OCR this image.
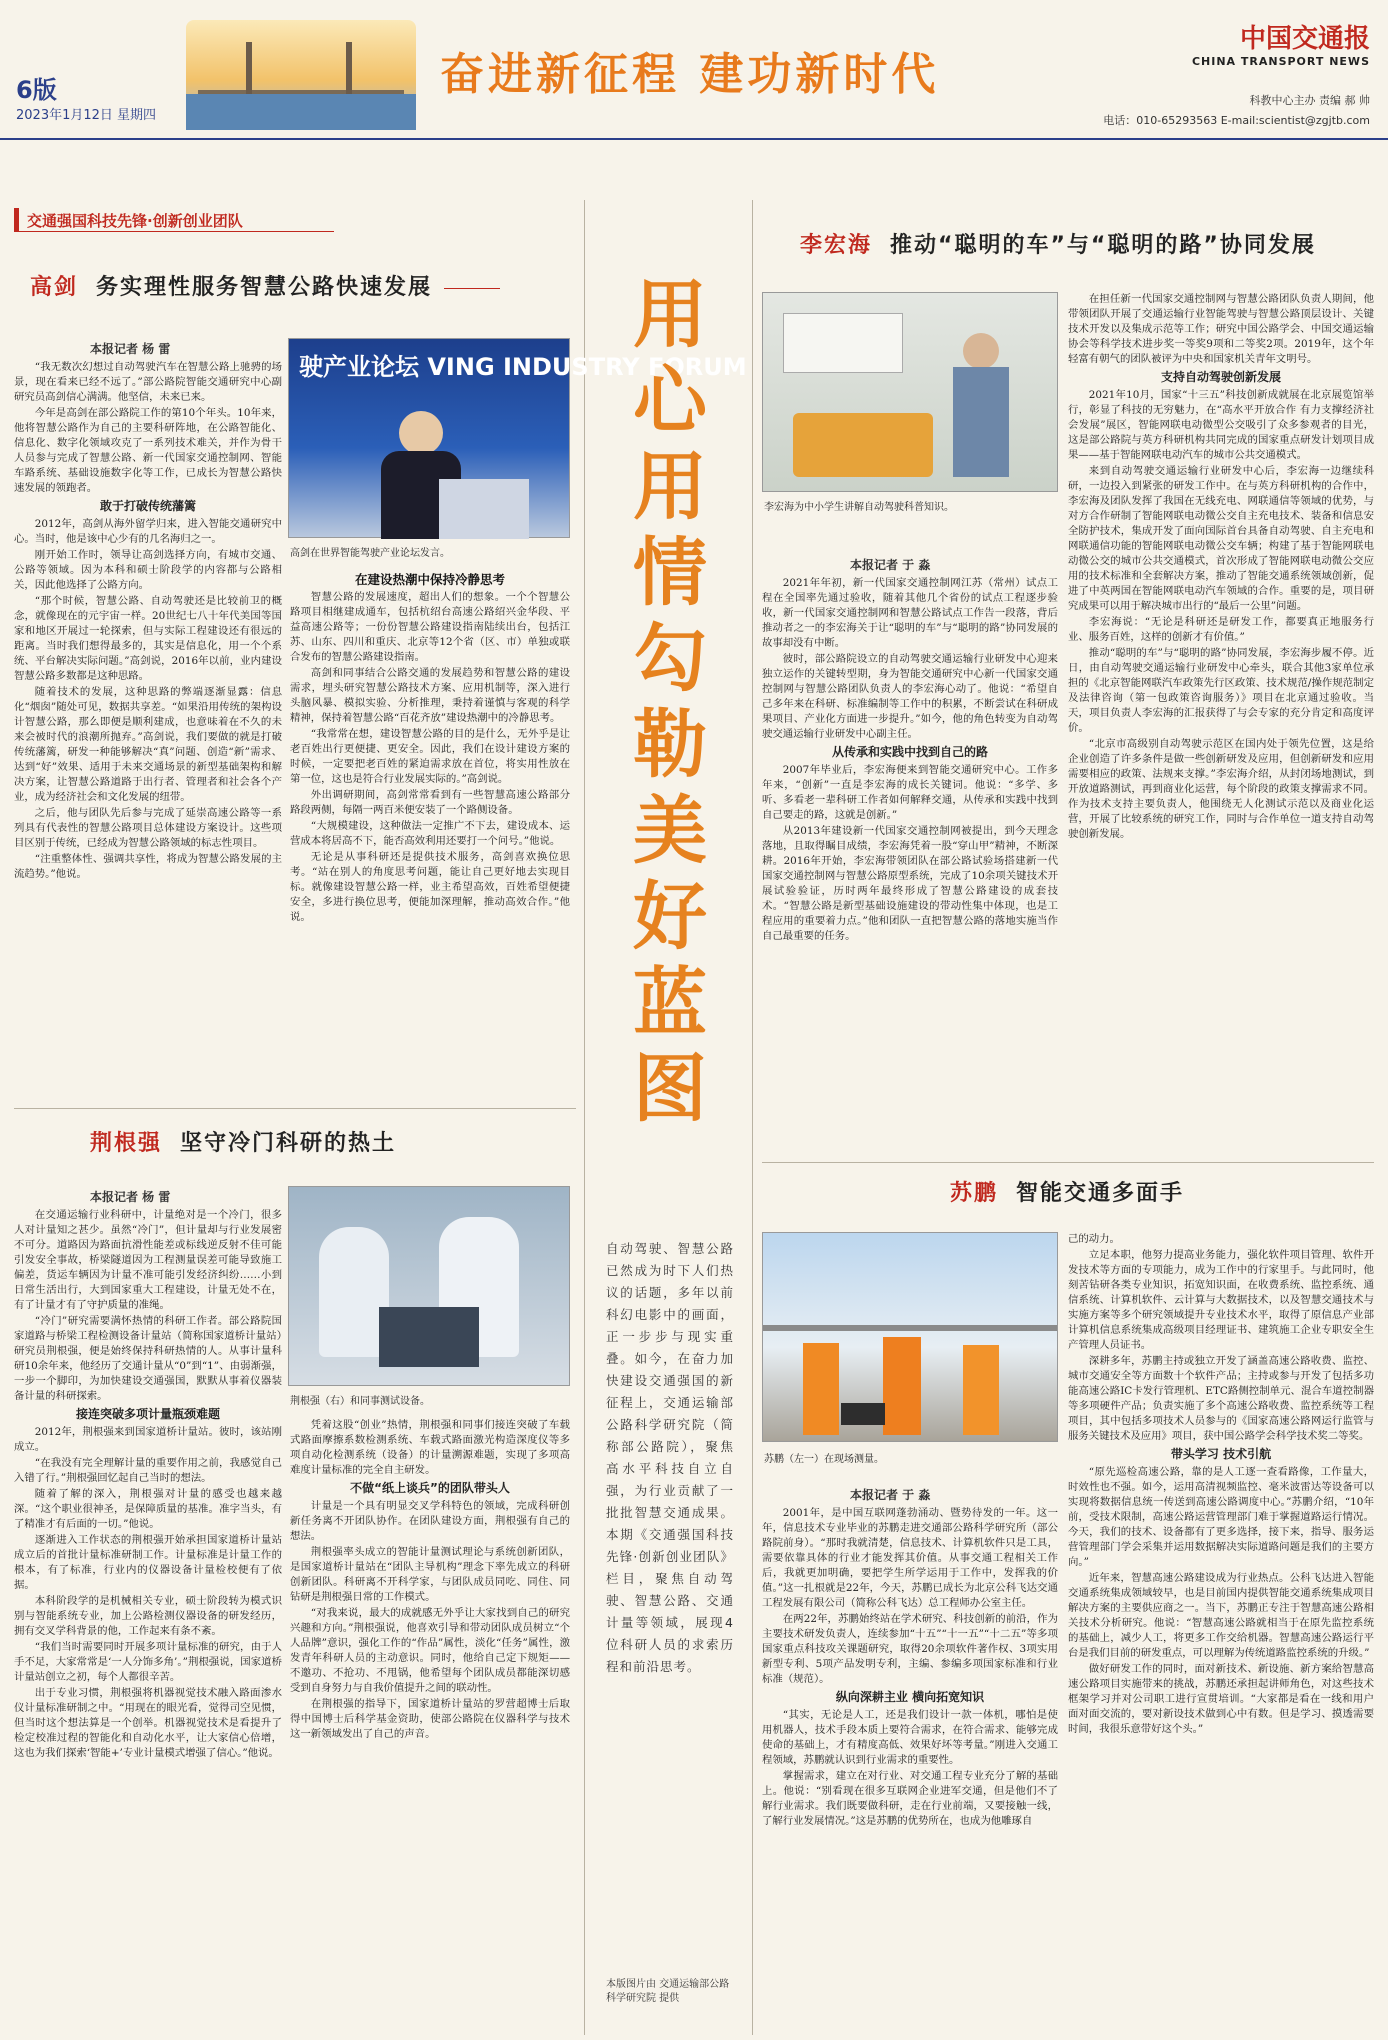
6版
2023年1月12日 星期四
奋进新征程 建功新时代
中国交通报
CHINA TRANSPORT NEWS
科教中心主办 责编 郝 帅
电话：010-65293563 E-mail:scientist@zgjtb.com
交通强国科技先锋·创新创业团队
高剑 务实理性服务智慧公路快速发展
本报记者 杨 雷

“我无数次幻想过自动驾驶汽车在智慧公路上驰骋的场景，现在看来已经不远了。”部公路院智能交通研究中心副研究员高剑信心满满。他坚信，未来已来。

今年是高剑在部公路院工作的第10个年头。10年来，他将智慧公路作为自己的主要科研阵地，在公路智能化、信息化、数字化领域攻克了一系列技术难关，并作为骨干人员参与完成了智慧公路、新一代国家交通控制网、智能车路系统、基础设施数字化等工作，已成长为智慧公路快速发展的领跑者。

敢于打破传统藩篱

2012年，高剑从海外留学归来，进入智能交通研究中心。当时，他是该中心少有的几名海归之一。

刚开始工作时，领导让高剑选择方向，有城市交通、公路等领域。因为本科和硕士阶段学的内容都与公路相关，因此他选择了公路方向。

“那个时候，智慧公路、自动驾驶还是比较前卫的概念，就像现在的元宇宙一样。20世纪七八十年代美国等国家和地区开展过一轮探索，但与实际工程建设还有很远的距离。当时我们想得最多的，其实是信息化，用一个个系统、平台解决实际问题。”高剑说，2016年以前，业内建设智慧公路多数都是这种思路。

随着技术的发展，这种思路的弊端逐渐显露：信息化“烟囱”随处可见，数据共享差。“如果沿用传统的架构设计智慧公路，那么即便是顺利建成，也意味着在不久的未来会被时代的浪潮所抛弃。”高剑说，我们要做的就是打破传统藩篱，研发一种能够解决“真”问题、创造“新”需求、达到“好”效果、适用于未来交通场景的新型基础架构和解决方案，让智慧公路道路于出行者、管理者和社会各个产业，成为经济社会和文化发展的纽带。

之后，他与团队先后参与完成了延崇高速公路等一系列具有代表性的智慧公路项目总体建设方案设计。这些项目区别于传统，已经成为智慧公路领域的标志性项目。

“注重整体性、强调共享性，将成为智慧公路发展的主流趋势。”他说。

驶产业论坛 VING INDUSTRY FORUM
高剑在世界智能驾驶产业论坛发言。
在建设热潮中保持冷静思考

智慧公路的发展速度，超出人们的想象。一个个智慧公路项目相继建成通车，包括杭绍台高速公路绍兴金华段、平益高速公路等；一份份智慧公路建设指南陆续出台，包括江苏、山东、四川和重庆、北京等12个省（区、市）单独或联合发布的智慧公路建设指南。

高剑和同事结合公路交通的发展趋势和智慧公路的建设需求，埋头研究智慧公路技术方案、应用机制等，深入进行头脑风暴、模拟实验、分析推理，秉持着谨慎与客观的科学精神，保持着智慧公路“百花齐放”建设热潮中的冷静思考。

“我常常在想，建设智慧公路的目的是什么，无外乎是让老百姓出行更便捷、更安全。因此，我们在设计建设方案的时候，一定要把老百姓的紧迫需求放在首位，将实用性放在第一位，这也是符合行业发展实际的。”高剑说。

外出调研期间，高剑常常看到有一些智慧高速公路部分路段两侧，每隔一两百米便安装了一个路侧设备。

“大规模建设，这种做法一定推广不下去，建设成本、运营成本将居高不下，能否高效利用还要打一个问号。”他说。

无论是从事科研还是提供技术服务，高剑喜欢换位思考。“站在别人的角度思考问题，能让自己更好地去实现目标。就像建设智慧公路一样，业主希望高效，百姓希望便捷安全，多进行换位思考，便能加深理解，推动高效合作。”他说。

荆根强 坚守冷门科研的热土
本报记者 杨 雷

在交通运输行业科研中，计量绝对是一个冷门，很多人对计量知之甚少。虽然“冷门”，但计量却与行业发展密不可分。道路因为路面抗滑性能差或标线逆反射不佳可能引发安全事故，桥梁隧道因为工程测量误差可能导致施工偏差，货运车辆因为计量不准可能引发经济纠纷……小到日常生活出行，大到国家重大工程建设，计量无处不在，有了计量才有了守护质量的准绳。

“冷门”研究需要满怀热情的科研工作者。部公路院国家道路与桥梁工程检测设备计量站（简称国家道桥计量站）研究员荆根强，便是始终保持科研热情的人。从事计量科研10余年来，他经历了交通计量从“0”到“1”、由弱渐强，一步一个脚印，为加快建设交通强国，默默从事着仪器装备计量的科研探索。

接连突破多项计量瓶颈难题

2012年，荆根强来到国家道桥计量站。彼时，该站刚成立。

“在我没有完全理解计量的重要作用之前，我感觉自己入错了行。”荆根强回忆起自己当时的想法。

随着了解的深入，荆根强对计量的感受也越来越深。“这个职业很神圣，是保障质量的基准。准字当头，有了精准才有后面的一切。”他说。

逐渐进入工作状态的荆根强开始承担国家道桥计量站成立后的首批计量标准研制工作。计量标准是计量工作的根本，有了标准，行业内的仪器设备计量检校便有了依据。

本科阶段学的是机械相关专业，硕士阶段转为模式识别与智能系统专业，加上公路检测仪器设备的研发经历，拥有交叉学科背景的他，工作起来有条不紊。

“我们当时需要同时开展多项计量标准的研究，由于人手不足，大家常常是‘一人分饰多角’。”荆根强说，国家道桥计量站创立之初，每个人都很辛苦。

出于专业习惯，荆根强将机器视觉技术融入路面渗水仪计量标准研制之中。“用现在的眼光看，觉得司空见惯，但当时这个想法算是一个创举。机器视觉技术是看提升了检定校准过程的智能化和自动化水平，让大家信心倍增，这也为我们探索‘智能+’专业计量模式增强了信心。”他说。

荆根强（右）和同事测试设备。

凭着这股“创业”热情，荆根强和同事们接连突破了车载式路面摩擦系数检测系统、车载式路面激光构造深度仪等多项自动化检测系统（设备）的计量溯源难题，实现了多项高难度计量标准的完全自主研发。

不做“纸上谈兵”的团队带头人

计量是一个具有明显交叉学科特色的领域，完成科研创新任务离不开团队协作。在团队建设方面，荆根强有自己的想法。

荆根强率头成立的智能计量测试理论与系统创新团队，是国家道桥计量站在“团队主导机构”理念下率先成立的科研创新团队。科研离不开科学家，与团队成员同吃、同住、同钻研是荆根强日常的工作模式。

“对我来说，最大的成就感无外乎让大家找到自己的研究兴趣和方向。”荆根强说，他喜欢引导和带动团队成员树立“个人品牌”意识，强化工作的“作品”属性，淡化“任务”属性，激发青年科研人员的主动意识。同时，他给自己定下规矩——不邀功、不抢功、不甩锅，他希望每个团队成员都能深切感受到自身努力与自我价值提升之间的联动性。

在荆根强的指导下，国家道桥计量站的罗营超博士后取得中国博士后科学基金资助，使部公路院在仪器科学与技术这一新领域发出了自己的声音。

用心用情勾勒美好蓝图
自动驾驶、智慧公路已然成为时下人们热议的话题，多年以前科幻电影中的画面，正一步步与现实重叠。如今，在奋力加快建设交通强国的新征程上，交通运输部公路科学研究院（简称部公路院），聚焦高水平科技自立自强，为行业贡献了一批批智慧交通成果。本期《交通强国科技先锋·创新创业团队》栏目，聚焦自动驾驶、智慧公路、交通计量等领域，展现4位科研人员的求索历程和前沿思考。
本版图片由 交通运输部公路科学研究院 提供
李宏海 推动“聪明的车”与“聪明的路”协同发展
李宏海为中小学生讲解自动驾驶科普知识。
本报记者 于 淼

2021年年初，新一代国家交通控制网江苏（常州）试点工程在全国率先通过验收，随着其他几个省份的试点工程逐步验收，新一代国家交通控制网和智慧公路试点工作告一段落，背后推动者之一的李宏海关于让“聪明的车”与“聪明的路”协同发展的故事却没有中断。

彼时，部公路院设立的自动驾驶交通运输行业研发中心迎来独立运作的关键转型期，身为智能交通研究中心新一代国家交通控制网与智慧公路团队负责人的李宏海心动了。他说：“希望自己多年来在科研、标准编制等工作中的积累，不断尝试在科研成果项目、产业化方面进一步提升。”如今，他的角色转变为自动驾驶交通运输行业研发中心副主任。

从传承和实践中找到自己的路

2007年毕业后，李宏海便来到智能交通研究中心。工作多年来，“创新”一直是李宏海的成长关键词。他说：“多学、多听、多看老一辈科研工作者如何解释交通，从传承和实践中找到自己要走的路，这就是创新。”

从2013年建设新一代国家交通控制网被提出，到今天理念落地，且取得瞩目成绩，李宏海凭着一股“穿山甲”精神，不断深耕。2016年开始，李宏海带领团队在部公路试验场搭建新一代国家交通控制网与智慧公路原型系统，完成了10余项关键技术开展试验验证，历时两年最终形成了智慧公路建设的成套技术。“智慧公路是新型基础设施建设的带动性集中体现，也是工程应用的重要着力点。”他和团队一直把智慧公路的落地实施当作自己最重要的任务。

在担任新一代国家交通控制网与智慧公路团队负责人期间，他带领团队开展了交通运输行业智能驾驶与智慧公路顶层设计、关键技术开发以及集成示范等工作；研究中国公路学会、中国交通运输协会等科学技术进步奖一等奖9项和二等奖2项。2019年，这个年轻富有朝气的团队被评为中央和国家机关青年文明号。

支持自动驾驶创新发展

2021年10月，国家“十三五”科技创新成就展在北京展览馆举行，彰显了科技的无穷魅力，在“高水平开放合作 有力支撑经济社会发展”展区，智能网联电动微型公交吸引了众多参观者的目光，这是部公路院与英方科研机构共同完成的国家重点研发计划项目成果——基于智能网联电动汽车的城市公共交通模式。

来到自动驾驶交通运输行业研发中心后，李宏海一边继续科研，一边投入到紧张的研发工作中。在与英方科研机构的合作中，李宏海及团队发挥了我国在无线充电、网联通信等领域的优势，与对方合作研制了智能网联电动微公交自主充电技术、装备和信息安全防护技术，集成开发了面向国际首台具备自动驾驶、自主充电和网联通信功能的智能网联电动微公交车辆；构建了基于智能网联电动微公交的城市公共交通模式，首次形成了智能网联电动微公交应用的技术标准和全套解决方案，推动了智能交通系统领域创新，促进了中英两国在智能网联电动汽车领域的合作。重要的是，项目研究成果可以用于解决城市出行的“最后一公里”问题。

李宏海说：“无论是科研还是研发工作，都要真正地服务行业、服务百姓，这样的创新才有价值。”

推动“聪明的车”与“聪明的路”协同发展，李宏海步履不停。近日，由自动驾驶交通运输行业研发中心牵头，联合其他3家单位承担的《北京智能网联汽车政策先行区政策、技术规范/操作规范制定及法律咨询（第一包政策咨询服务）》项目在北京通过验收。当天，项目负责人李宏海的汇报获得了与会专家的充分肯定和高度评价。

“北京市高级别自动驾驶示范区在国内处于领先位置，这是给企业创造了许多条件是做一些创新研发及应用，但创新研发和应用需要相应的政策、法规来支撑。”李宏海介绍，从封闭场地测试，到开放道路测试，再到商业化运营，每个阶段的政策支撑需求不同。作为技术支持主要负责人，他围绕无人化测试示范以及商业化运营，开展了比较系统的研究工作，同时与合作单位一道支持自动驾驶创新发展。

苏鹏 智能交通多面手
苏鹏（左一）在现场测量。
本报记者 于 淼

2001年，是中国互联网蓬勃涌动、暨势待发的一年。这一年，信息技术专业毕业的苏鹏走进交通部公路科学研究所（部公路院前身）。“那时我就清楚，信息技术、计算机软件只是工具，需要依靠具体的行业才能发挥其价值。从事交通工程相关工作后，我就更加明确，要把学生所学运用于工作中，发挥我的价值。”这一扎根就是22年，今天，苏鹏已成长为北京公科飞达交通工程发展有限公司（简称公科飞达）总工程师办公室主任。

在两22年，苏鹏始终站在学术研究、科技创新的前沿，作为主要技术研发负责人，连续参加“十五”“十一五”“十二五”等多项国家重点科技攻关课题研究，取得20余项软件著作权、3项实用新型专利、5项产品发明专利，主编、参编多项国家标准和行业标准（规范）。

纵向深耕主业 横向拓宽知识

“其实，无论是人工，还是我们设计一款一体机，哪怕是使用机器人，技术手段本质上要符合需求，在符合需求、能够完成使命的基础上，才有精度高低、效果好坏等考量。”刚进入交通工程领域，苏鹏就认识到行业需求的重要性。

掌握需求，建立在对行业、对交通工程专业充分了解的基础上。他说：“别看现在很多互联网企业进军交通，但是他们不了解行业需求。我们既要做科研，走在行业前端，又要接触一线，了解行业发展情况。”这是苏鹏的优势所在，也成为他雕琢自

己的动力。

立足本职，他努力提高业务能力，强化软件项目管理、软件开发技术等方面的专项能力，成为工作中的行家里手。与此同时，他刻苦钻研各类专业知识，拓宽知识面，在收费系统、监控系统、通信系统、计算机软件、云计算与大数据技术，以及智慧交通技术与实施方案等多个研究领域提升专业技术水平，取得了原信息产业部计算机信息系统集成高级项目经理证书、建筑施工企业专职安全生产管理人员证书。

深耕多年，苏鹏主持或独立开发了涵盖高速公路收费、监控、城市交通安全等方面数十个软件产品；主持或参与开发了包括多功能高速公路IC卡发行管理机、ETC路侧控制单元、混合车道控制器等多项硬件产品；负责实施了多个高速公路收费、监控系统等工程项目，其中包括多项技术人员参与的《国家高速公路网运行监管与服务关键技术及应用》项目，获中国公路学会科学技术奖二等奖。

带头学习 技术引航

“原先巡检高速公路，靠的是人工逐一查看路像，工作量大，时效性也不强。如今，运用高清视频监控、毫米波雷达等设备可以实现将数据信息统一传送到高速公路调度中心。”苏鹏介绍，“10年前，受技术限制，高速公路运营管理部门难于掌握道路运行情况。今天，我们的技术、设备都有了更多选择，接下来，指导、服务运营管理部门学会采集并运用数据解决实际道路问题是我们的主要方向。”

近年来，智慧高速公路建设成为行业热点。公科飞达进入智能交通系统集成领域较早，也是目前国内提供智能交通系统集成项目解决方案的主要供应商之一。当下，苏鹏正专注于智慧高速公路相关技术分析研究。他说：“智慧高速公路就相当于在原先监控系统的基础上，减少人工，将更多工作交给机器。智慧高速公路运行平台是我们目前的研发重点，可以理解为传统道路监控系统的升级。”

做好研发工作的同时，面对新技术、新设施、新方案给智慧高速公路项目实施带来的挑战，苏鹏还承担起讲师角色，对这些技术框架学习并对公司职工进行宣贯培训。“大家都是看在一线和用户面对面交流的，要对新设技术做到心中有数。但是学习、摸透需要时间，我很乐意带好这个头。”
